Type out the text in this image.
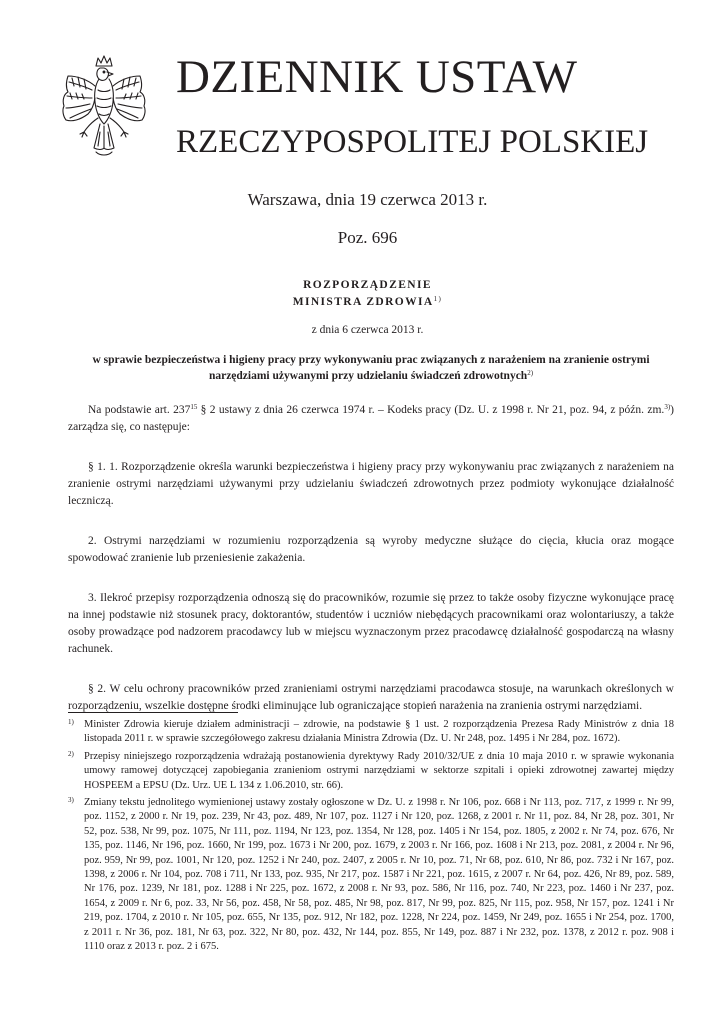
DZIENNIK USTAW
RZECZYPOSPOLITEJ POLSKIEJ
Warszawa, dnia 19 czerwca 2013 r.
Poz. 696
ROZPORZĄDZENIE
MINISTRA ZDROWIA$^{1)}$
z dnia 6 czerwca 2013 r.
w sprawie bezpieczeństwa i higieny pracy przy wykonywaniu prac związanych z narażeniem na zranienie ostrymi narzędziami używanymi przy udzielaniu świadczeń zdrowotnych$^{2)}$

Na podstawie art. $237^{15}$ § 2 ustawy z dnia 26 czerwca 1974 r. – Kodeks pracy (Dz. U. z 1998 r. Nr 21, poz. 94, z późn. zm.$^{3)}$) zarządza się, co następuje:

§ 1. 1. Rozporządzenie określa warunki bezpieczeństwa i higieny pracy przy wykonywaniu prac związanych z narażeniem na zranienie ostrymi narzędziami używanymi przy udzielaniu świadczeń zdrowotnych przez podmioty wykonujące działalność leczniczą.

2. Ostrymi narzędziami w rozumieniu rozporządzenia są wyroby medyczne służące do cięcia, kłucia oraz mogące spowodować zranienie lub przeniesienie zakażenia.

3. Ilekroć przepisy rozporządzenia odnoszą się do pracowników, rozumie się przez to także osoby fizyczne wykonujące pracę na innej podstawie niż stosunek pracy, doktorantów, studentów i uczniów niebędących pracownikami oraz wolontariuszy, a także osoby prowadzące pod nadzorem pracodawcy lub w miejscu wyznaczonym przez pracodawcę działalność gospodarczą na własny rachunek.

§ 2. W celu ochrony pracowników przed zranieniami ostrymi narzędziami pracodawca stosuje, na warunkach określonych w rozporządzeniu, wszelkie dostępne środki eliminujące lub ograniczające stopień narażenia na zranienia ostrymi narzędziami.

1) Minister Zdrowia kieruje działem administracji – zdrowie, na podstawie § 1 ust. 2 rozporządzenia Prezesa Rady Ministrów z dnia 18 listopada 2011 r. w sprawie szczegółowego zakresu działania Ministra Zdrowia (Dz. U. Nr 248, poz. 1495 i Nr 284, poz. 1672).
2) Przepisy niniejszego rozporządzenia wdrażają postanowienia dyrektywy Rady 2010/32/UE z dnia 10 maja 2010 r. w sprawie wykonania umowy ramowej dotyczącej zapobiegania zranieniom ostrymi narzędziami w sektorze szpitali i opieki zdrowotnej zawartej między HOSPEEM a EPSU (Dz. Urz. UE L 134 z 1.06.2010, str. 66).
3) Zmiany tekstu jednolitego wymienionej ustawy zostały ogłoszone w Dz. U. z 1998 r. Nr 106, poz. 668 i Nr 113, poz. 717, z 1999 r. Nr 99, poz. 1152, z 2000 r. Nr 19, poz. 239, Nr 43, poz. 489, Nr 107, poz. 1127 i Nr 120, poz. 1268, z 2001 r. Nr 11, poz. 84, Nr 28, poz. 301, Nr 52, poz. 538, Nr 99, poz. 1075, Nr 111, poz. 1194, Nr 123, poz. 1354, Nr 128, poz. 1405 i Nr 154, poz. 1805, z 2002 r. Nr 74, poz. 676, Nr 135, poz. 1146, Nr 196, poz. 1660, Nr 199, poz. 1673 i Nr 200, poz. 1679, z 2003 r. Nr 166, poz. 1608 i Nr 213, poz. 2081, z 2004 r. Nr 96, poz. 959, Nr 99, poz. 1001, Nr 120, poz. 1252 i Nr 240, poz. 2407, z 2005 r. Nr 10, poz. 71, Nr 68, poz. 610, Nr 86, poz. 732 i Nr 167, poz. 1398, z 2006 r. Nr 104, poz. 708 i 711, Nr 133, poz. 935, Nr 217, poz. 1587 i Nr 221, poz. 1615, z 2007 r. Nr 64, poz. 426, Nr 89, poz. 589, Nr 176, poz. 1239, Nr 181, poz. 1288 i Nr 225, poz. 1672, z 2008 r. Nr 93, poz. 586, Nr 116, poz. 740, Nr 223, poz. 1460 i Nr 237, poz. 1654, z 2009 r. Nr 6, poz. 33, Nr 56, poz. 458, Nr 58, poz. 485, Nr 98, poz. 817, Nr 99, poz. 825, Nr 115, poz. 958, Nr 157, poz. 1241 i Nr 219, poz. 1704, z 2010 r. Nr 105, poz. 655, Nr 135, poz. 912, Nr 182, poz. 1228, Nr 224, poz. 1459, Nr 249, poz. 1655 i Nr 254, poz. 1700, z 2011 r. Nr 36, poz. 181, Nr 63, poz. 322, Nr 80, poz. 432, Nr 144, poz. 855, Nr 149, poz. 887 i Nr 232, poz. 1378, z 2012 r. poz. 908 i 1110 oraz z 2013 r. poz. 2 i 675.
